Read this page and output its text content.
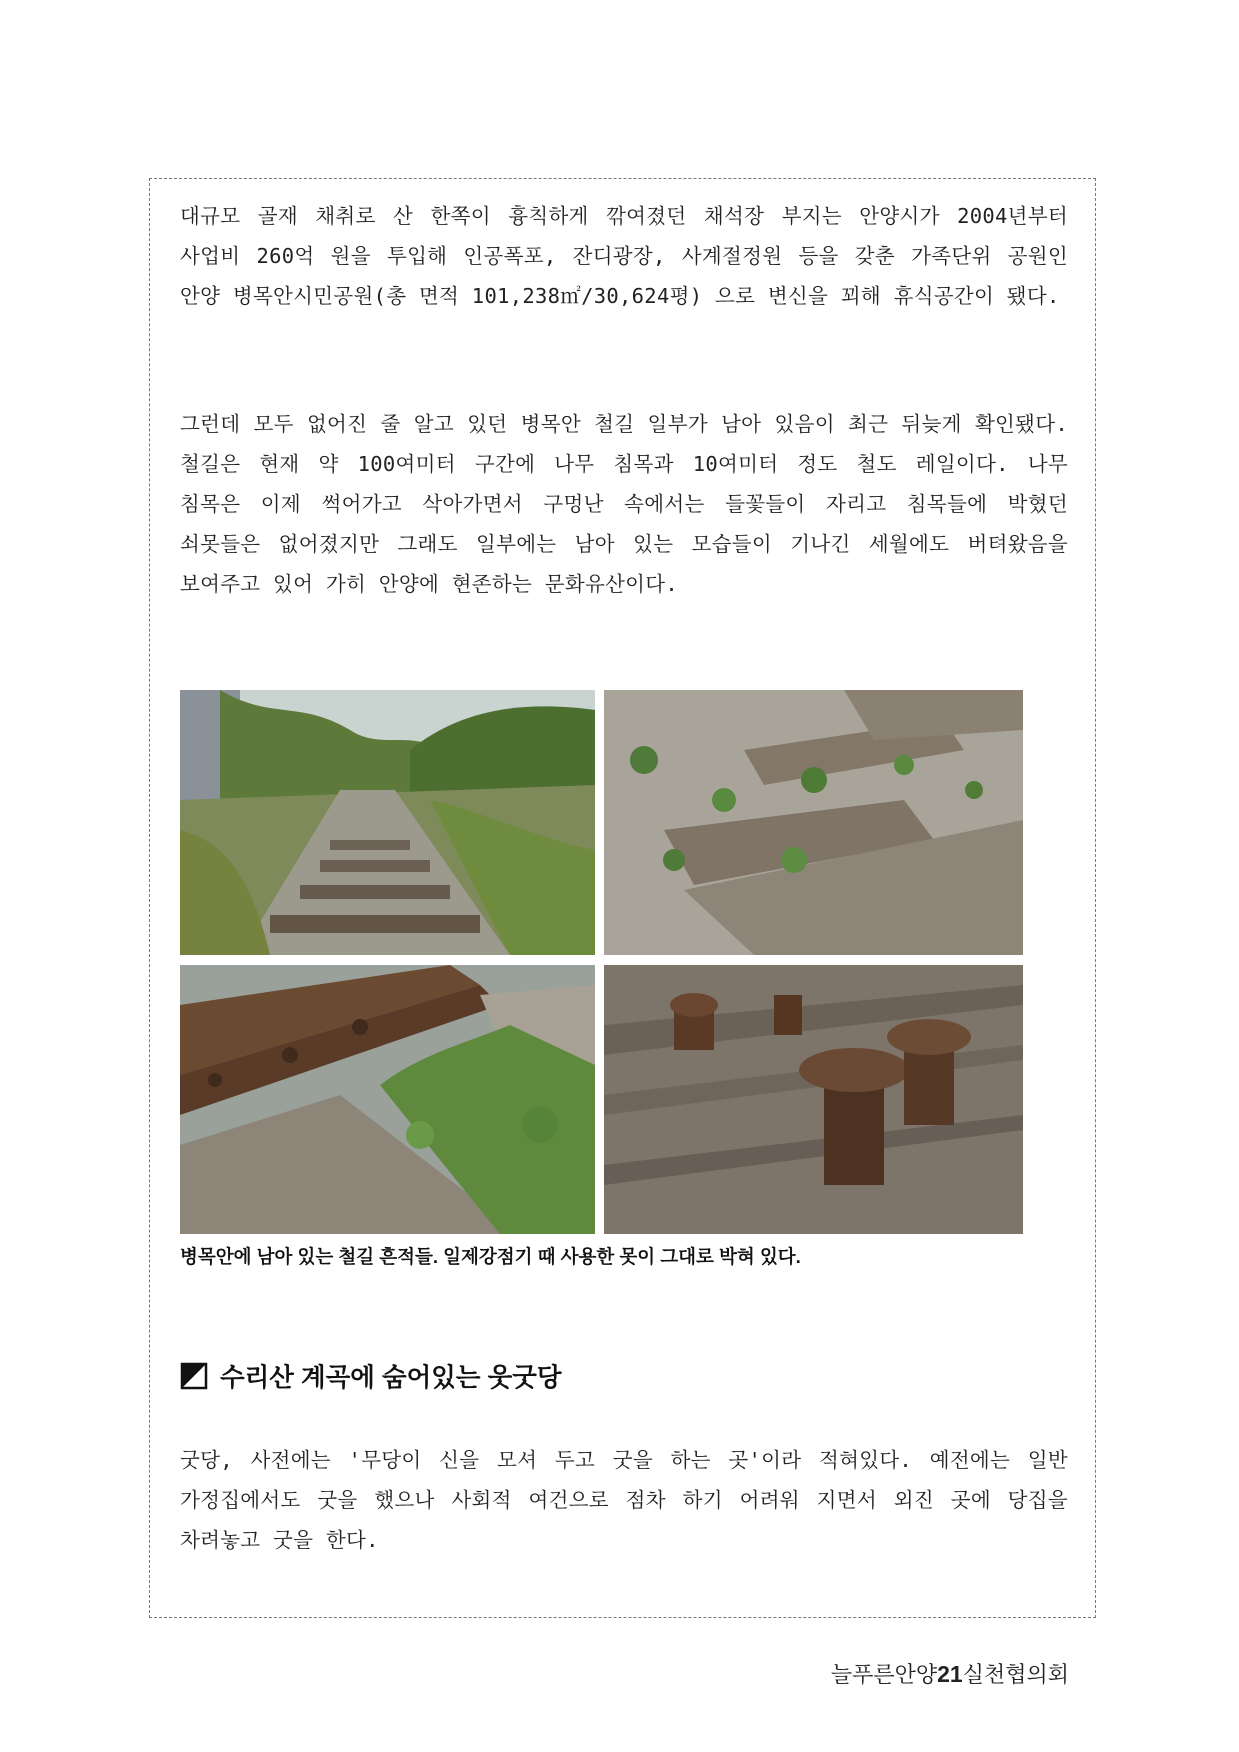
대규모 골재 채취로 산 한쪽이 흉칙하게 깎여졌던 채석장 부지는 안양시가 2004년부터 사업비 260억 원을 투입해 인공폭포, 잔디광장, 사계절정원 등을 갖춘 가족단위 공원인 안양 병목안시민공원(총 면적 101,238㎡/30,624평) 으로 변신을 꾀해 휴식공간이 됐다.

그런데 모두 없어진 줄 알고 있던 병목안 철길 일부가 남아 있음이 최근 뒤늦게 확인됐다. 철길은 현재 약 100여미터 구간에 나무 침목과 10여미터 정도 철도 레일이다. 나무 침목은 이제 썩어가고 삭아가면서 구멍난 속에서는 들꽃들이 자리고 침목들에 박혔던 쇠못들은 없어졌지만 그래도 일부에는 남아 있는 모습들이 기나긴 세월에도 버텨왔음을 보여주고 있어 가히 안양에 현존하는 문화유산이다.

병목안에 남아 있는 철길 흔적들. 일제강점기 때 사용한 못이 그대로 박혀 있다.
수리산 계곡에 숨어있는 웃굿당

굿당, 사전에는 '무당이 신을 모셔 두고 굿을 하는 곳'이라 적혀있다. 예전에는 일반 가정집에서도 굿을 했으나 사회적 여건으로 점차 하기 어려워 지면서 외진 곳에 당집을 차려놓고 굿을 한다.

늘푸른안양21실천협의회
